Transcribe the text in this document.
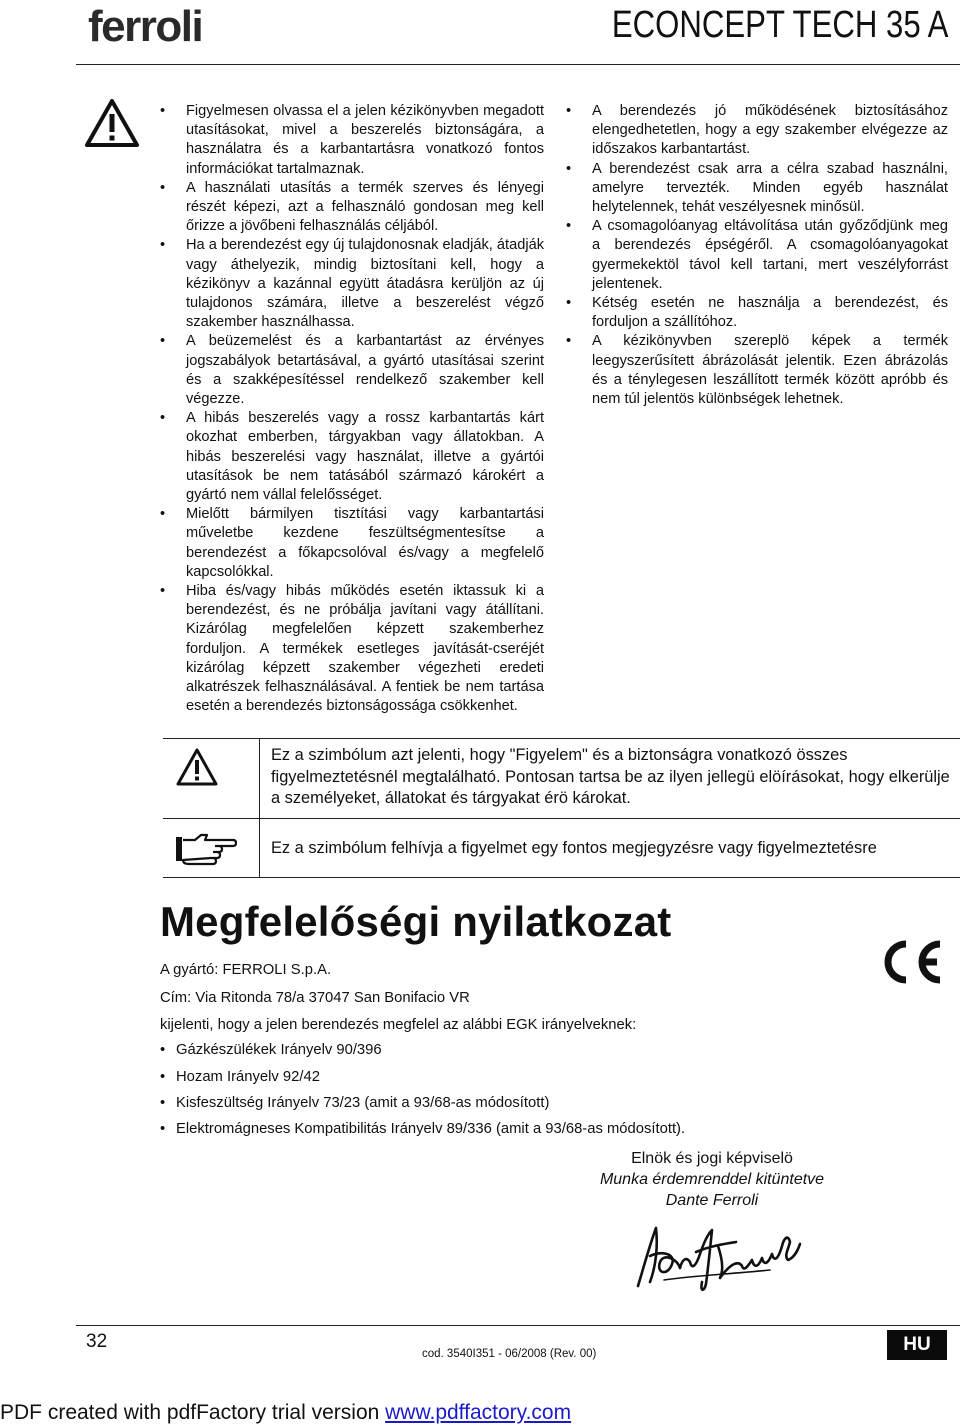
ferroli	ECONCEPT TECH 35 A
• Figyelmesen olvassa el a jelen kézikönyvben megadott utasításokat, mivel a beszerelés biztonságára, a használatra és a karbantartásra vonatkozó fontos információkat tartalmaznak.
• A használati utasítás a termék szerves és lényegi részét képezi, azt a felhasználó gondosan meg kell őrizze a jövőbeni felhasználás céljából.
• Ha a berendezést egy új tulajdonosnak eladják, átadják vagy áthelyezik, mindig biztosítani kell, hogy a kézikönyv a kazánnal együtt átadásra kerüljön az új tulajdonos számára, illetve a beszerelést végző szakember használhassa.
• A beüzemelést és a karbantartást az érvényes jogszabályok betartásával, a gyártó utasításai szerint és a szakképesítéssel rendelkező szakember kell végezze.
• A hibás beszerelés vagy a rossz karbantartás kárt okozhat emberben, tárgyakban vagy állatokban. A hibás beszerelési vagy használat, illetve a gyártói utasítások be nem tatásából származó károkért a gyártó nem vállal felelősséget.
• Mielőtt bármilyen tisztítási vagy karbantartási műveletbe kezdene feszültségmentesítse a berendezést a főkapcsolóval és/vagy a megfelelő kapcsolókkal.
• Hiba és/vagy hibás működés esetén iktassuk ki a berendezést, és ne próbálja javítani vagy átállítani. Kizárólag megfelelően képzett szakemberhez forduljon. A termékek esetleges javítását-cseréjét kizárólag képzett szakember végezheti eredeti alkatrészek felhasználásával. A fentiek be nem tartása esetén a berendezés biztonságossága csökkenhet.
• A berendezés jó működésének biztosításához elengedhetetlen, hogy a egy szakember elvégezze az időszakos karbantartást.
• A berendezést csak arra a célra szabad használni, amelyre tervezték. Minden egyéb használat helytelennek, tehát veszélyesnek minősül.
• A csomagolóanyag eltávolítása után győződjünk meg a berendezés épségéről. A csomagolóanyagokat gyermekektöl távol kell tartani, mert veszélyforrást jelentenek.
• Kétség esetén ne használja a berendezést, és forduljon a szállítóhoz.
• A kézikönyvben szereplö képek a termék leegyszerűsített ábrázolását jelentik. Ezen ábrázolás és a ténylegesen leszállított termék között apróbb és nem túl jelentös különbségek lehetnek.
Ez a szimbólum azt jelenti, hogy "Figyelem" és a biztonságra vonatkozó összes figyelmeztetésnél megtalálható. Pontosan tartsa be az ilyen jellegü elöírásokat, hogy elkerülje a személyeket, állatokat és tárgyakat érö károkat.
Ez a szimbólum felhívja a figyelmet egy fontos megjegyzésre vagy figyelmeztetésre
Megfelelőségi nyilatkozat
A gyártó: FERROLI S.p.A.
Cím: Via Ritonda 78/a 37047 San Bonifacio VR
kijelenti, hogy a jelen berendezés megfelel az alábbi EGK irányelveknek:
• Gázkészülékek Irányelv 90/396
• Hozam Irányelv 92/42
• Kisfeszültség Irányelv 73/23 (amit a 93/68-as módosított)
• Elektromágneses Kompatibilitás Irányelv 89/336 (amit a 93/68-as módosított).
Elnök és jogi képviselö
Munka érdemrenddel kitüntetve
Dante Ferroli
32
cod. 3540I351 - 06/2008 (Rev. 00)	HU
PDF created with pdfFactory trial version www.pdffactory.com
